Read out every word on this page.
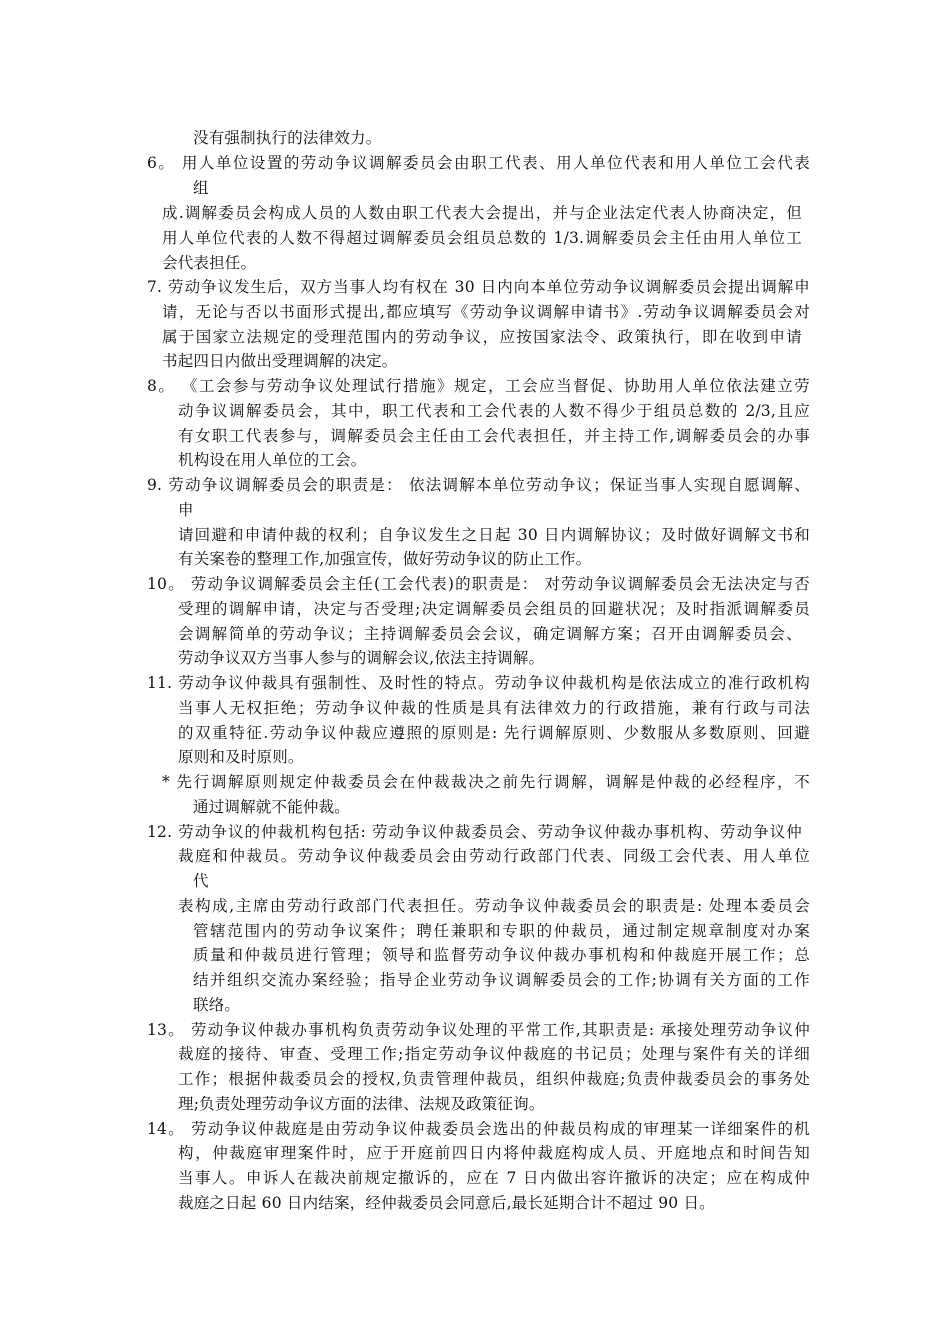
没有强制执行的法律效力。
6。 用人单位设置的劳动争议调解委员会由职工代表、用人单位代表和用人单位工会代表
组
成.调解委员会构成人员的人数由职工代表大会提出，并与企业法定代表人协商决定，但
用人单位代表的人数不得超过调解委员会组员总数的 1/3.调解委员会主任由用人单位工
会代表担任。
7. 劳动争议发生后，双方当事人均有权在 30 日内向本单位劳动争议调解委员会提出调解申
请，无论与否以书面形式提出,都应填写《劳动争议调解申请书》.劳动争议调解委员会对
属于国家立法规定的受理范围内的劳动争议，应按国家法令、政策执行，即在收到申请
书起四日内做出受理调解的决定。
8。 《工会参与劳动争议处理试行措施》规定，工会应当督促、协助用人单位依法建立劳
动争议调解委员会，其中，职工代表和工会代表的人数不得少于组员总数的 2/3,且应
有女职工代表参与，调解委员会主任由工会代表担任，并主持工作,调解委员会的办事
机构设在用人单位的工会。
9. 劳动争议调解委员会的职责是： 依法调解本单位劳动争议；保证当事人实现自愿调解、
申
请回避和申请仲裁的权利；自争议发生之日起 30 日内调解协议；及时做好调解文书和
有关案卷的整理工作,加强宣传，做好劳动争议的防止工作。
10。 劳动争议调解委员会主任(工会代表)的职责是： 对劳动争议调解委员会无法决定与否
受理的调解申请，决定与否受理;决定调解委员会组员的回避状况；及时指派调解委员
会调解简单的劳动争议；主持调解委员会会议，确定调解方案；召开由调解委员会、
劳动争议双方当事人参与的调解会议,依法主持调解。
11. 劳动争议仲裁具有强制性、及时性的特点。劳动争议仲裁机构是依法成立的准行政机构
当事人无权拒绝；劳动争议仲裁的性质是具有法律效力的行政措施，兼有行政与司法
的双重特征.劳动争议仲裁应遵照的原则是: 先行调解原则、少数服从多数原则、回避
原则和及时原则。
* 先行调解原则规定仲裁委员会在仲裁裁决之前先行调解，调解是仲裁的必经程序，不
通过调解就不能仲裁。
12. 劳动争议的仲裁机构包括: 劳动争议仲裁委员会、劳动争议仲裁办事机构、劳动争议仲
裁庭和仲裁员。劳动争议仲裁委员会由劳动行政部门代表、同级工会代表、用人单位
代
表构成,主席由劳动行政部门代表担任。劳动争议仲裁委员会的职责是: 处理本委员会
管辖范围内的劳动争议案件；聘任兼职和专职的仲裁员，通过制定规章制度对办案
质量和仲裁员进行管理；领导和监督劳动争议仲裁办事机构和仲裁庭开展工作；总
结并组织交流办案经验；指导企业劳动争议调解委员会的工作;协调有关方面的工作
联络。
13。 劳动争议仲裁办事机构负责劳动争议处理的平常工作,其职责是: 承接处理劳动争议仲
裁庭的接待、审查、受理工作;指定劳动争议仲裁庭的书记员；处理与案件有关的详细
工作；根据仲裁委员会的授权,负责管理仲裁员，组织仲裁庭;负责仲裁委员会的事务处
理;负责处理劳动争议方面的法律、法规及政策征询。
14。 劳动争议仲裁庭是由劳动争议仲裁委员会选出的仲裁员构成的审理某一详细案件的机
构，仲裁庭审理案件时，应于开庭前四日内将仲裁庭构成人员、开庭地点和时间告知
当事人。申诉人在裁决前规定撤诉的，应在 7 日内做出容许撤诉的决定；应在构成仲
裁庭之日起 60 日内结案，经仲裁委员会同意后,最长延期合计不超过 90 日。
